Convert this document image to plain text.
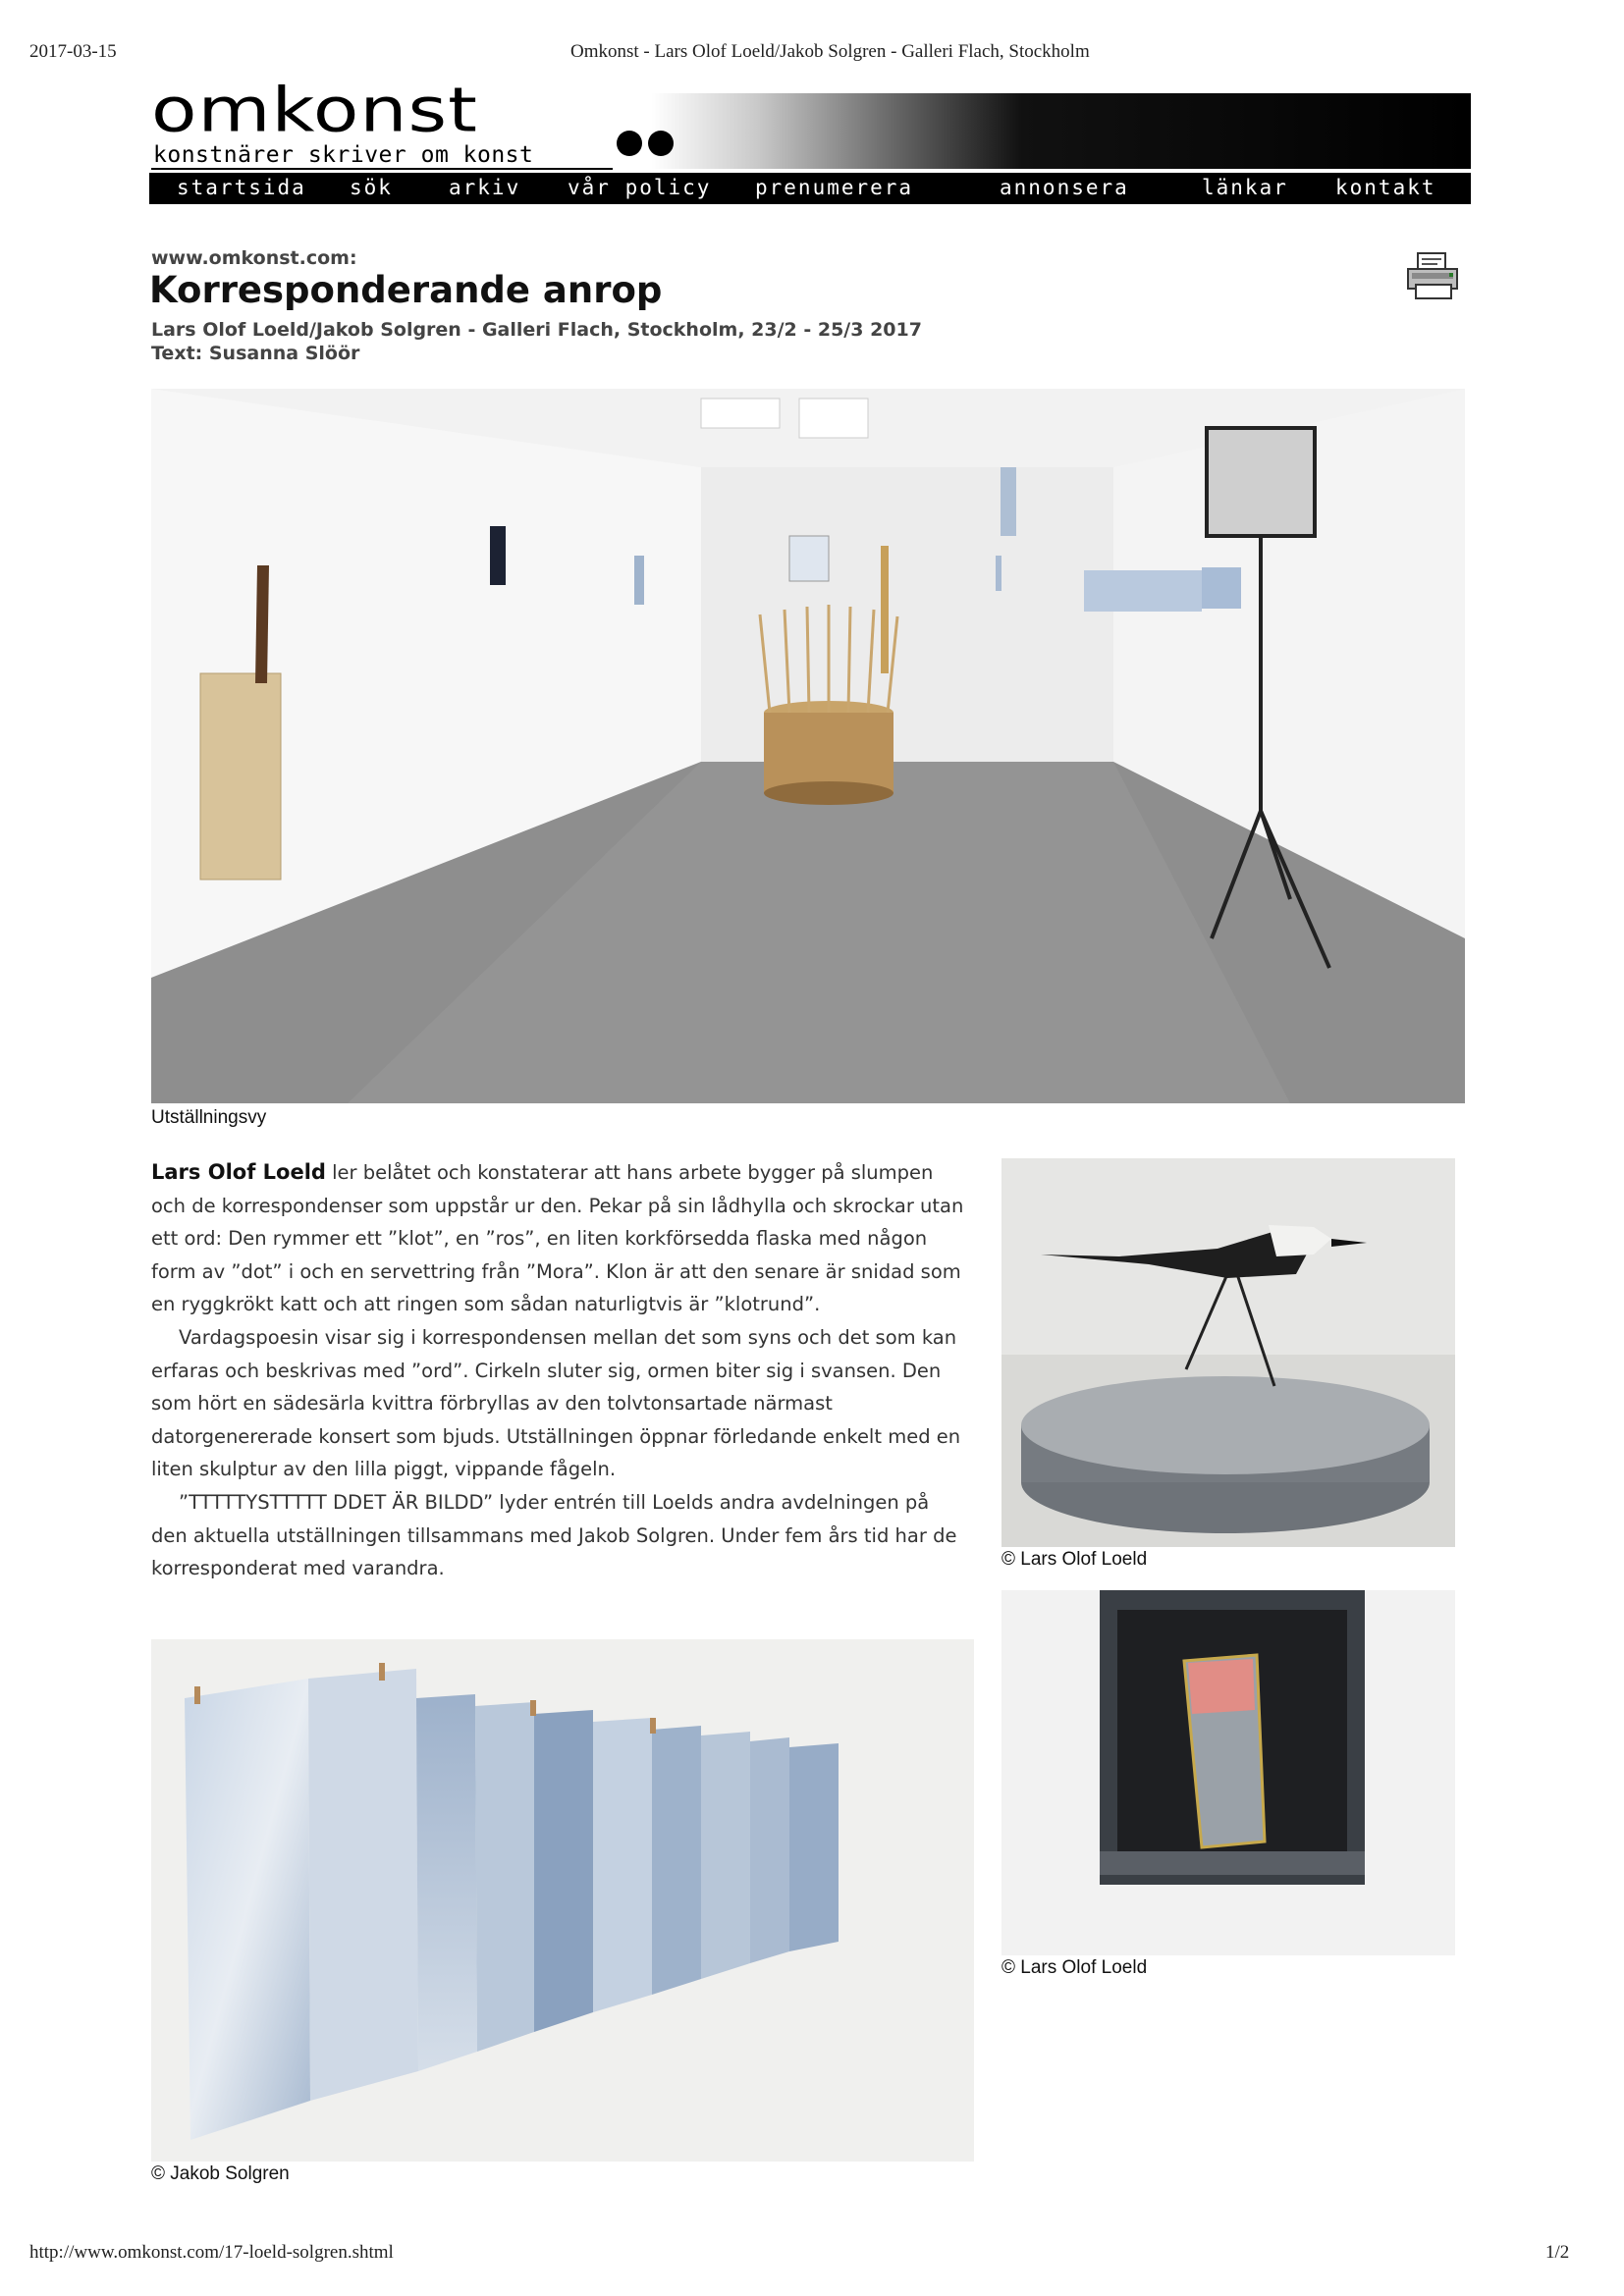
2017-03-15	Omkonst - Lars Olof Loeld/Jakob Solgren - Galleri Flach, Stockholm
omkonst
konstnärer skriver om konst
startsida sök	arkiv vår policy prenumerera	annonsera	länkar kontakt
www.omkonst.com:
Korresponderande anrop
Lars Olof Loeld/Jakob Solgren - Galleri Flach, Stockholm, 23/2 - 25/3 2017
Text: Susanna Slöör
Utställningsvy

Lars Olof Loeld ler belåtet och konstaterar att hans arbete bygger på slumpen och de korrespondenser som uppstår ur den. Pekar på sin lådhylla och skrockar utan ett ord: Den rymmer ett ”klot”, en ”ros”, en liten korkförsedda flaska med någon form av ”dot” i och en servettring från ”Mora”. Klon är att den senare är snidad som en ryggkrökt katt och att ringen som sådan naturligtvis är ”klotrund”.

Vardagspoesin visar sig i korrespondensen mellan det som syns och det som kan erfaras och beskrivas med ”ord”. Cirkeln sluter sig, ormen biter sig i svansen. Den som hört en sädesärla kvittra förbryllas av den tolvtonsartade närmast datorgenererade konsert som bjuds. Utställningen öppnar förledande enkelt med en liten skulptur av den lilla piggt, vippande fågeln.

”TTTTTYSTTTTT DDET ÄR BILDD” lyder entrén till Loelds andra avdelningen på den aktuella utställningen tillsammans med Jakob Solgren. Under fem års tid har de korresponderat med varandra.	© Lars Olof Loeld
© Lars Olof Loeld
© Jakob Solgren
http://www.omkonst.com/17-loeld-solgren.shtml	1/2
